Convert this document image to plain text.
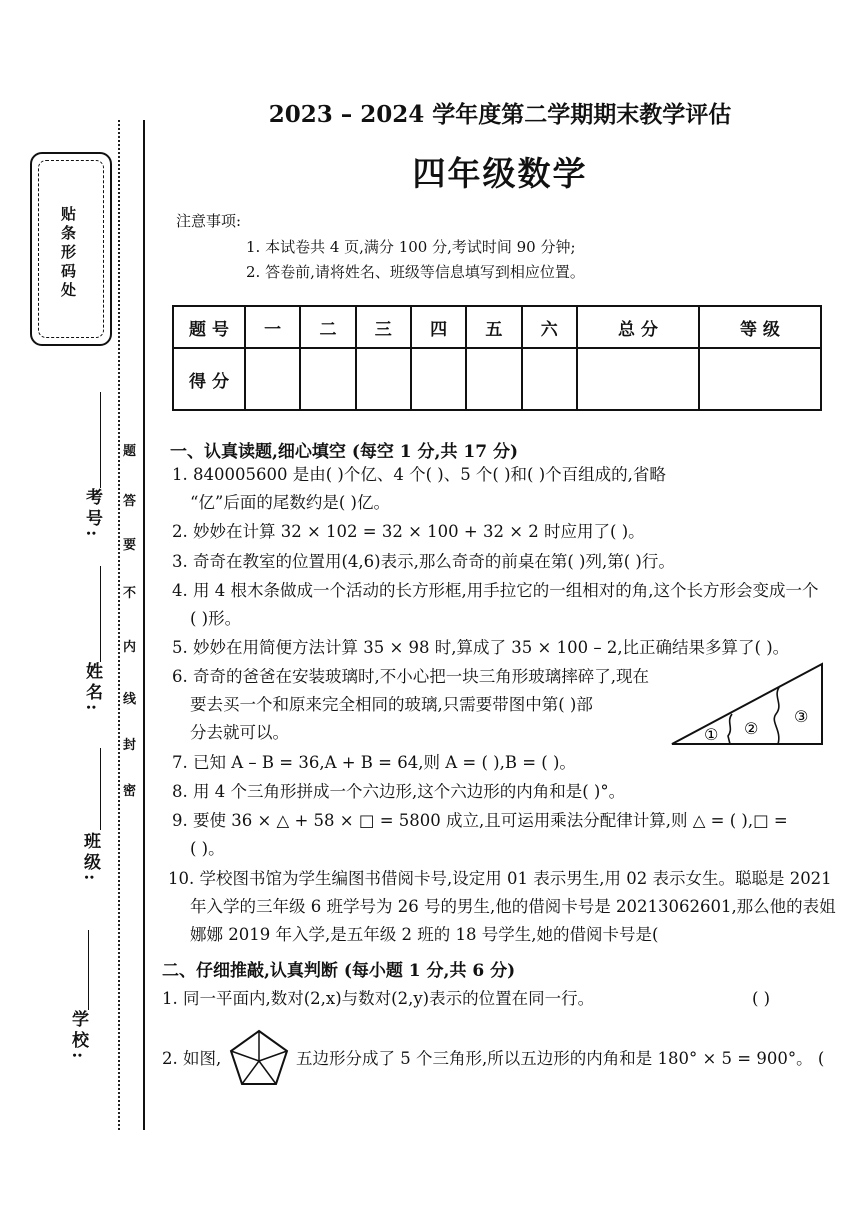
贴条形码处
考号:
姓名:
班级:
学校:
题
答
要
不
内
线
封
密
2023 – 2024 学年度第二学期期末教学评估
四年级数学
注意事项:
1. 本试卷共 4 页,满分 100 分,考试时间 90 分钟;
2. 答卷前,请将姓名、班级等信息填写到相应位置。
题 号	一	二	三	四	五	六	总 分	等 级
得 分								
一、认真读题,细心填空 (每空 1 分,共 17 分)
1. 840005600 是由( )个亿、4 个( )、5 个( )和( )个百组成的,省略
“亿”后面的尾数约是( )亿。
2. 妙妙在计算 32 × 102 = 32 × 100 + 32 × 2 时应用了( )。
3. 奇奇在教室的位置用(4,6)表示,那么奇奇的前桌在第( )列,第( )行。
4. 用 4 根木条做成一个活动的长方形框,用手拉它的一组相对的角,这个长方形会变成一个
( )形。
5. 妙妙在用简便方法计算 35 × 98 时,算成了 35 × 100 – 2,比正确结果多算了( )。
6. 奇奇的爸爸在安装玻璃时,不小心把一块三角形玻璃摔碎了,现在
要去买一个和原来完全相同的玻璃,只需要带图中第( )部
分去就可以。	① ②
③
7. 已知 A – B = 36,A + B = 64,则 A = ( ),B = ( )。
8. 用 4 个三角形拼成一个六边形,这个六边形的内角和是( )°。
9. 要使 36 × △ + 58 × □ = 5800 成立,且可运用乘法分配律计算,则 △ = ( ),□ =
( )。
10. 学校图书馆为学生编图书借阅卡号,设定用 01 表示男生,用 02 表示女生。聪聪是 2021
年入学的三年级 6 班学号为 26 号的男生,他的借阅卡号是 20213062601,那么他的表姐
娜娜 2019 年入学,是五年级 2 班的 18 号学生,她的借阅卡号是(
二、仔细推敲,认真判断 (每小题 1 分,共 6 分)
1. 同一平面内,数对(2,x)与数对(2,y)表示的位置在同一行。	( )
2. 如图,	五边形分成了 5 个三角形,所以五边形的内角和是 180° × 5 = 900°。 (
